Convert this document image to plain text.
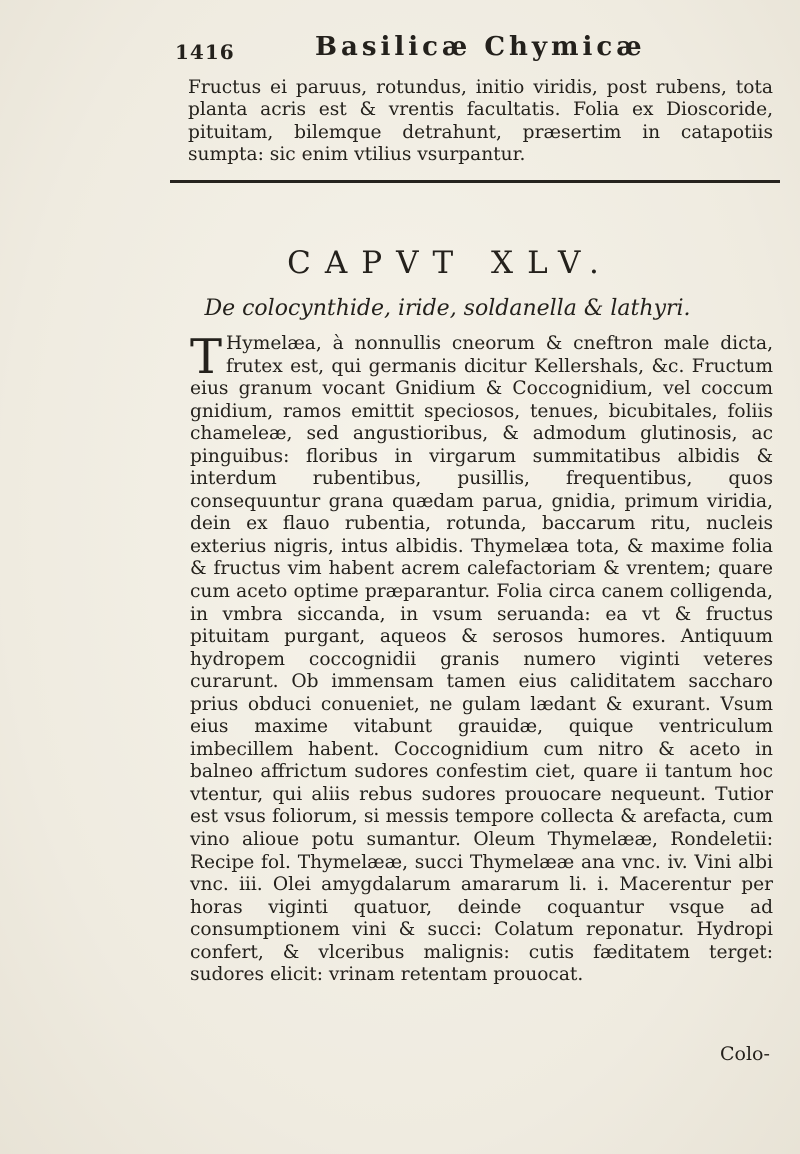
1416	Basilicæ Chymicæ

Fructus ei paruus, rotundus, initio viridis, post rubens, tota planta acris est & vrentis facultatis. Folia ex Dioscoride, pituitam, bilemque detrahunt, præsertim in catapotiis sumpta: sic enim vtilius vsurpantur.

CAPVT XLV.
De colocynthide, iride, soldanella & lathyri.

T Hymelæa, à nonnullis cneorum & cneftron male dicta, frutex est, qui germanis dicitur Kellershals, &c. Fructum eius granum vocant Gnidium & Coccognidium, vel coccum gnidium, ramos emittit speciosos, tenues, bicubitales, foliis chameleæ, sed angustioribus, & admodum glutinosis, ac pinguibus: floribus in virgarum summitatibus albidis & interdum rubentibus, pusillis, frequentibus, quos consequuntur grana quædam parua, gnidia, primum viridia, dein ex flauo rubentia, rotunda, baccarum ritu, nucleis exterius nigris, intus albidis. Thymelæa tota, & maxime folia & fructus vim habent acrem calefactoriam & vrentem; quare cum aceto optime præparantur. Folia circa canem colligenda, in vmbra siccanda, in vsum seruanda: ea vt & fructus pituitam purgant, aqueos & serosos humores. Antiquum hydropem coccognidii granis numero viginti veteres curarunt. Ob immensam tamen eius caliditatem saccharo prius obduci conueniet, ne gulam lædant & exurant. Vsum eius maxime vitabunt grauidæ, quique ventriculum imbecillem habent. Coccognidium cum nitro & aceto in balneo affrictum sudores confestim ciet, quare ii tantum hoc vtentur, qui aliis rebus sudores prouocare nequeunt. Tutior est vsus foliorum, si messis tempore collecta & arefacta, cum vino alioue potu sumantur. Oleum Thymelææ, Rondeletii: Recipe fol. Thymelææ, succi Thymelææ ana vnc. iv. Vini albi vnc. iii. Olei amygdalarum amararum li. i. Macerentur per horas viginti quatuor, deinde coquantur vsque ad consumptionem vini & succi: Colatum reponatur. Hydropi confert, & vlceribus malignis: cutis fæditatem terget: sudores elicit: vrinam retentam prouocat.

Colo-
